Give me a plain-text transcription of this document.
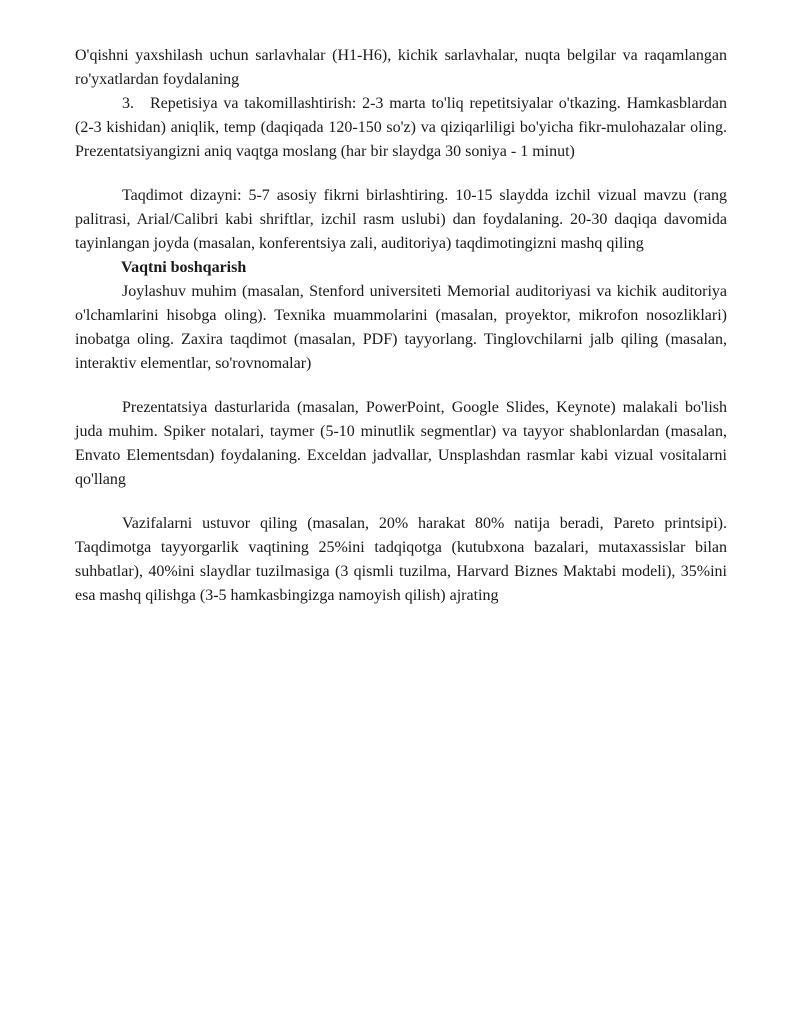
O'qishni yaxshilash uchun sarlavhalar (H1-H6), kichik sarlavhalar, nuqta belgilar va raqamlangan ro'yxatlardan foydalaning

3. Repetisiya va takomillashtirish: 2-3 marta to'liq repetitsiyalar o'tkazing. Hamkasblardan (2-3 kishidan) aniqlik, temp (daqiqada 120-150 so'z) va qiziqarliligi bo'yicha fikr-mulohazalar oling. Prezentatsiyangizni aniq vaqtga moslang (har bir slaydga 30 soniya - 1 minut)

Taqdimot dizayni: 5-7 asosiy fikrni birlashtiring. 10-15 slaydda izchil vizual mavzu (rang palitrasi, Arial/Calibri kabi shriftlar, izchil rasm uslubi) dan foydalaning. 20-30 daqiqa davomida tayinlangan joyda (masalan, konferentsiya zali, auditoriya) taqdimotingizni mashq qiling

Vaqtni boshqarish

Joylashuv muhim (masalan, Stenford universiteti Memorial auditoriyasi va kichik auditoriya o'lchamlarini hisobga oling). Texnika muammolarini (masalan, proyektor, mikrofon nosozliklari) inobatga oling. Zaxira taqdimot (masalan, PDF) tayyorlang. Tinglovchilarni jalb qiling (masalan, interaktiv elementlar, so'rovnomalar)

Prezentatsiya dasturlarida (masalan, PowerPoint, Google Slides, Keynote) malakali bo'lish juda muhim. Spiker notalari, taymer (5-10 minutlik segmentlar) va tayyor shablonlardan (masalan, Envato Elementsdan) foydalaning. Exceldan jadvallar, Unsplashdan rasmlar kabi vizual vositalarni qo'llang

Vazifalarni ustuvor qiling (masalan, 20% harakat 80% natija beradi, Pareto printsipi). Taqdimotga tayyorgarlik vaqtining 25%ini tadqiqotga (kutubxona bazalari, mutaxassislar bilan suhbatlar), 40%ini slaydlar tuzilmasiga (3 qismli tuzilma, Harvard Biznes Maktabi modeli), 35%ini esa mashq qilishga (3-5 hamkasbingizga namoyish qilish) ajrating
